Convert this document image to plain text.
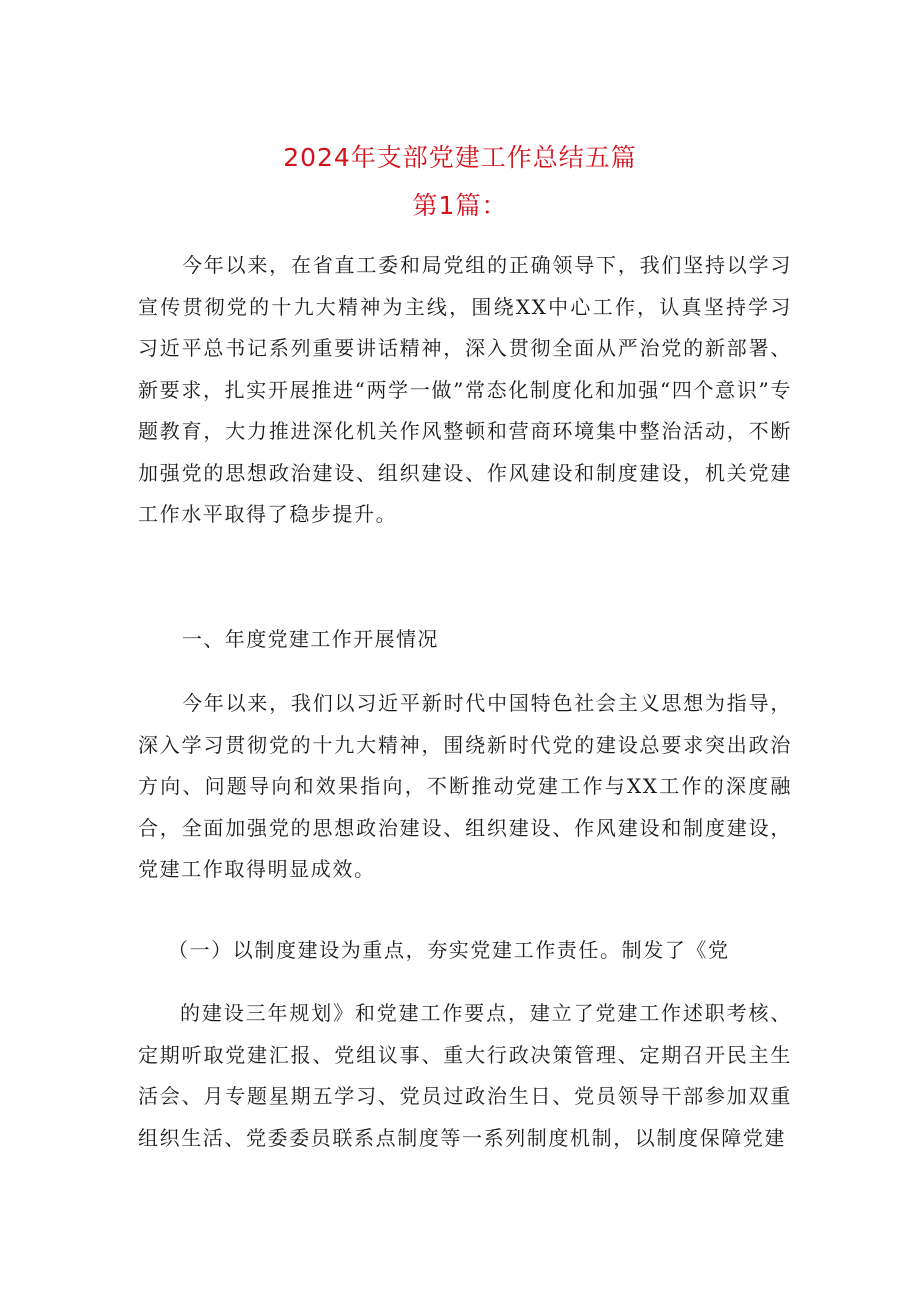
2024年支部党建工作总结五篇
第1篇：

今年以来，在省直工委和局党组的正确领导下，我们坚持以学习宣传贯彻党的十九大精神为主线，围绕XX中心工作，认真坚持学习习近平总书记系列重要讲话精神，深入贯彻全面从严治党的新部署、新要求，扎实开展推进“两学一做”常态化制度化和加强“四个意识”专题教育，大力推进深化机关作风整顿和营商环境集中整治活动，不断加强党的思想政治建设、组织建设、作风建设和制度建设，机关党建工作水平取得了稳步提升。

一、年度党建工作开展情况

今年以来，我们以习近平新时代中国特色社会主义思想为指导，深入学习贯彻党的十九大精神，围绕新时代党的建设总要求突出政治方向、问题导向和效果指向，不断推动党建工作与XX工作的深度融合，全面加强党的思想政治建设、组织建设、作风建设和制度建设，党建工作取得明显成效。

（一）以制度建设为重点，夯实党建工作责任。制发了《党

的建设三年规划》和党建工作要点，建立了党建工作述职考核、定期听取党建汇报、党组议事、重大行政决策管理、定期召开民主生活会、月专题星期五学习、党员过政治生日、党员领导干部参加双重组织生活、党委委员联系点制度等一系列制度机制，以制度保障党建
